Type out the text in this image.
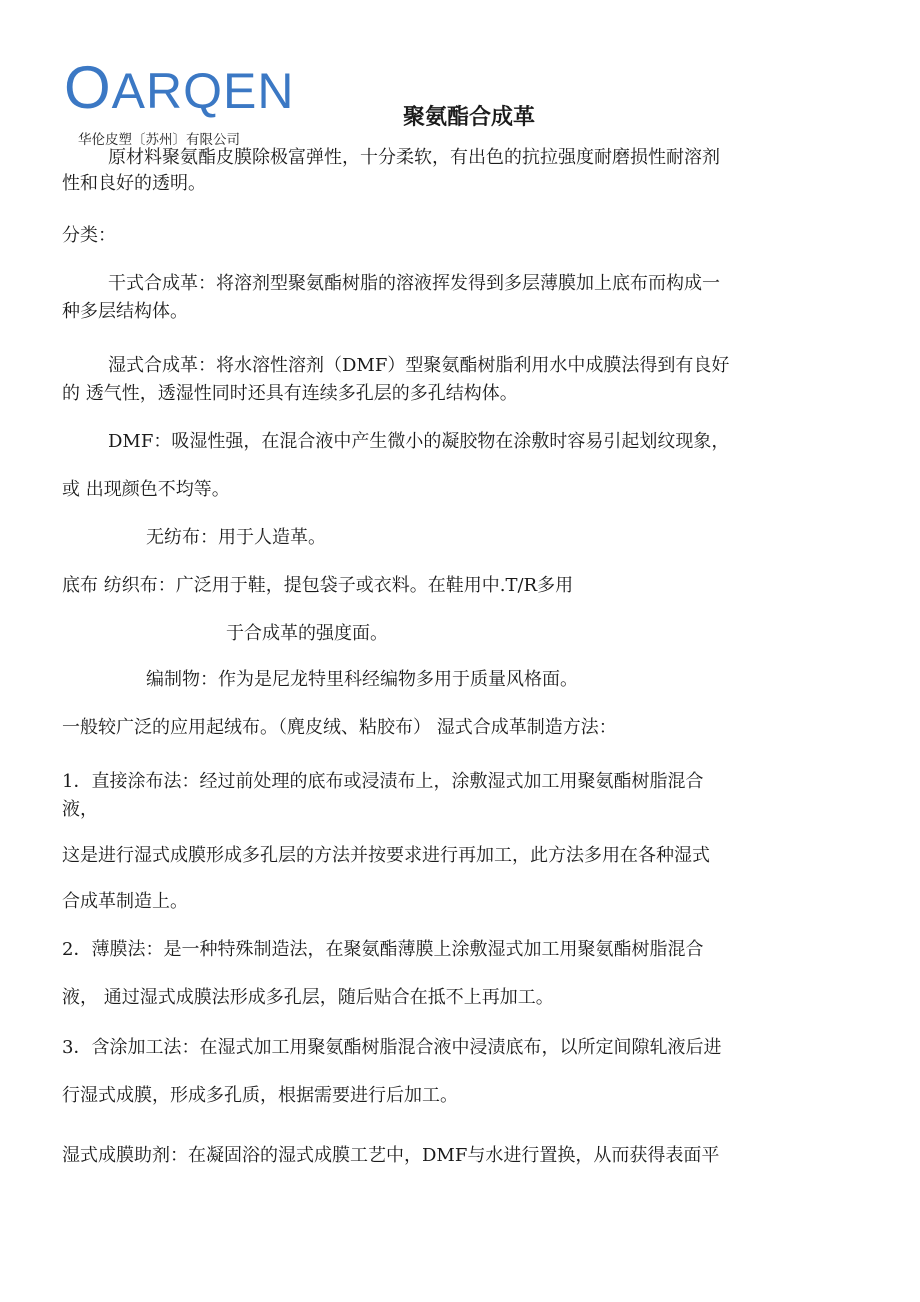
OARQEN
华伦皮塑〔苏州〕有限公司
聚氨酯合成革
原材料聚氨酯皮膜除极富弹性，十分柔软，有出色的抗拉强度耐磨损性耐溶剂
性和良好的透明。
分类：
干式合成革：将溶剂型聚氨酯树脂的溶液挥发得到多层薄膜加上底布而构成一
种多层结构体。
湿式合成革：将水溶性溶剂（DMF）型聚氨酯树脂利用水中成膜法得到有良好
的 透气性，透湿性同时还具有连续多孔层的多孔结构体。
DMF：吸湿性强，在混合液中产生微小的凝胶物在涂敷时容易引起划纹现象，
或 出现颜色不均等。
无纺布：用于人造革。
底布 纺织布：广泛用于鞋，提包袋子或衣料。在鞋用中.T/R多用
于合成革的强度面。
编制物：作为是尼龙特里科经编物多用于质量风格面。
一般较广泛的应用起绒布。（麂皮绒、粘胶布） 湿式合成革制造方法：
1．直接涂布法：经过前处理的底布或浸渍布上，涂敷湿式加工用聚氨酯树脂混合
液，
这是进行湿式成膜形成多孔层的方法并按要求进行再加工，此方法多用在各种湿式
合成革制造上。
2．薄膜法：是一种特殊制造法，在聚氨酯薄膜上涂敷湿式加工用聚氨酯树脂混合
液， 通过湿式成膜法形成多孔层，随后贴合在抵不上再加工。
3．含涂加工法：在湿式加工用聚氨酯树脂混合液中浸渍底布，以所定间隙轧液后进
行湿式成膜，形成多孔质，根据需要进行后加工。
湿式成膜助剂：在凝固浴的湿式成膜工艺中，DMF与水进行置换，从而获得表面平
